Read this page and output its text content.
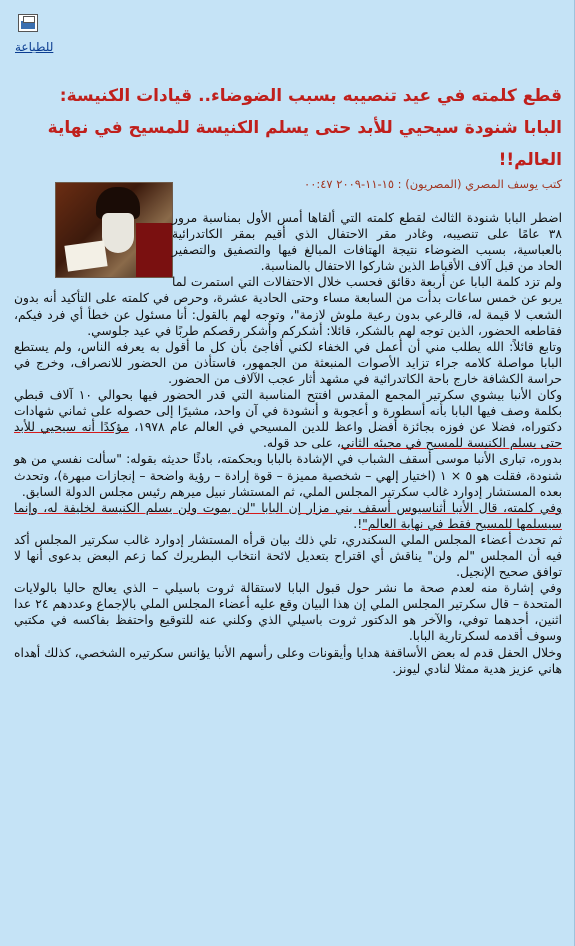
للطباعة
قطع كلمته في عيد تنصيبه بسبب الضوضاء.. قيادات الكنيسة: البابا شنودة سيحيي للأبد حتى يسلم الكنيسة للمسيح في نهاية العالم!!
كتب يوسف المصري (المصريون) : ١٥-١١-٢٠٠٩ ٠٠:٤٧

اضطر البابا شنودة الثالث لقطع كلمته التي ألقاها أمس الأول بمناسبة مرور ٣٨ عامًا على تنصيبه، وغادر مقر الاحتفال الذي أقيم بمقر الكاتدرائية بالعباسية، بسبب الضوضاء نتيجة الهتافات المبالغ فيها والتصفيق والتصفير الحاد من قبل آلاف الأقباط الذين شاركوا الاحتفال بالمناسبة.

ولم تزد كلمة البابا عن أربعة دقائق فحسب خلال الاحتفالات التي استمرت لما يربو عن خمس ساعات بدأت من السابعة مساء وحتى الحادية عشرة، وحرص في كلمته على التأكيد أنه بدون الشعب لا قيمة له، قالرعي بدون رعية ملوش لازمة"، وتوجه لهم بالقول: أنا مسئول عن خطأ أي فرد فيكم، فقاطعه الحضور، الذين توجه لهم بالشكر، قائلا: أشكركم وأشكر رقصكم طربًا في عيد جلوسي.

وتابع قائلاً: الله يطلب مني أن أعمل في الخفاء لكني أفاجئ بأن كل ما أقول به يعرفه الناس، ولم يستطع البابا مواصلة كلامه جراء تزايد الأصوات المنبعثة من الجمهور، فاستأذن من الحضور للانصراف، وخرج في حراسة الكشافة خارج باحة الكاتدرائية في مشهد أثار عجب الآلاف من الحضور.

وكان الأنبا بيشوي سكرتير المجمع المقدس افتتح المناسبة التي قدر الحضور فيها بحوالي ١٠ آلاف قبطي بكلمة وصف فيها البابا بأنه أسطورة و أعجوبة و أنشودة في آن واحد، مشيرًا إلى حصوله على ثماني شهادات دكتوراه، فضلا عن فوزه بجائزة أفضل واعظ للدين المسيحي في العالم عام ١٩٧٨، مؤكدًا أنه سيحيي للأبد حتى يسلم الكنيسة للمسيح في مجيئه الثاني، على حد قوله.

بدوره، تبارى الأنبا موسى أسقف الشباب في الإشادة بالبابا وبحكمته، بادئًا حديثه بقوله: "سألت نفسي من هو شنودة، فقلت هو ٥ × ١ (اختيار إلهي – شخصية مميزة – قوة إرادة – رؤية واضحة – إنجازات مبهرة)، وتحدث بعده المستشار إدوارد غالب سكرتير المجلس الملي، ثم المستشار نبيل ميرهم رئيس مجلس الدولة السابق.

وفي كلمته، قال الأنبا أثناسيوس أسقف بني مزار إن البابا "لن يموت ولن يسلم الكنيسة لخليفة له، وإنما سيسلمها للمسيح فقط في نهاية العالم"!.

ثم تحدث أعضاء المجلس الملي السكندري، تلي ذلك بيان قرأه المستشار إدوارد غالب سكرتير المجلس أكد فيه أن المجلس "لم ولن" يناقش أي اقتراح بتعديل لائحة انتخاب البطريرك كما زعم البعض بدعوى أنها لا توافق صحيح الإنجيل.

وفي إشارة منه لعدم صحة ما نشر حول قبول البابا لاستقالة ثروت باسيلي – الذي يعالج حاليا بالولايات المتحدة – قال سكرتير المجلس الملي إن هذا البيان وقع عليه أعضاء المجلس الملي بالإجماع وعددهم ٢٤ عدا اثنين، أحدهما توفي، والآخر هو الدكتور ثروت باسيلي الذي وكلني عنه للتوقيع واحتفظ بفاكسه في مكتبي وسوف أقدمه لسكرتارية البابا.

وخلال الحفل قدم له بعض الأساقفة هدايا وأيقونات وعلى رأسهم الأنبا يؤانس سكرتيره الشخصي، كذلك أهداه هاني عزيز هدية ممثلا لنادي ليونز.
